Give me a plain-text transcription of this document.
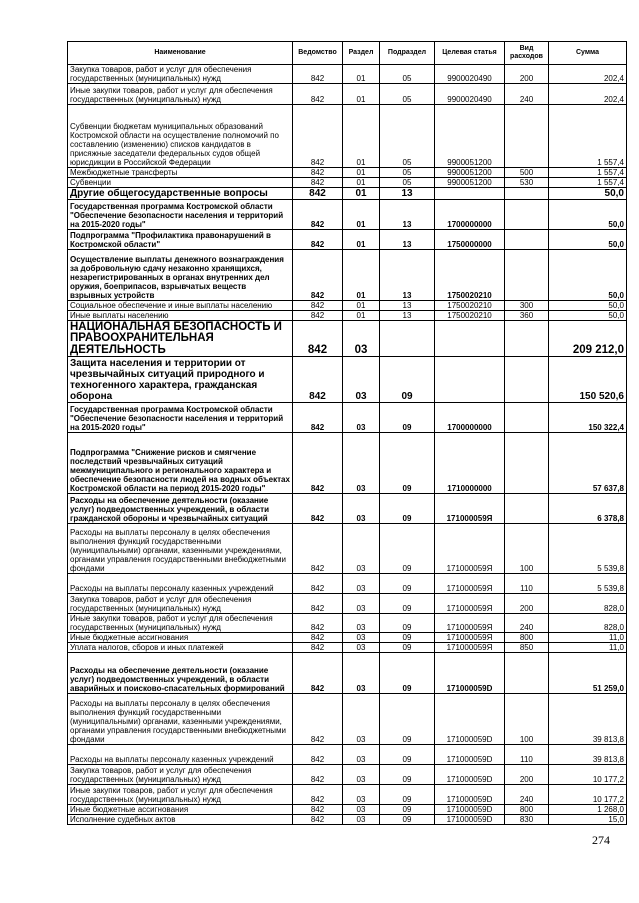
Наименование	Ведомство	Раздел	Подраздел	Целевая статья	Вид расходов	Сумма
Закупка товаров, работ и услуг для обеспечения государственных (муниципальных) нужд	842	01	05	9900020490	200	202,4
Иные закупки товаров, работ и услуг для обеспечения государственных (муниципальных) нужд	842	01	05	9900020490	240	202,4
Субвенции бюджетам муниципальных образований Костромской области на осуществление полномочий по составлению (изменению) списков кандидатов в присяжные заседатели федеральных судов общей юрисдикции в Российской Федерации	842	01	05	9900051200		1 557,4
Межбюджетные трансферты	842	01	05	9900051200	500	1 557,4
Субвенции	842	01	05	9900051200	530	1 557,4
Другие общегосударственные вопросы	842	01	13			50,0
Государственная программа Костромской области "Обеспечение безопасности населения и территорий на 2015-2020 годы"	842	01	13	1700000000		50,0
Подпрограмма "Профилактика правонарушений в Костромской области"	842	01	13	1750000000		50,0
Осуществление выплаты денежного вознаграждения за добровольную сдачу незаконно хранящихся, незарегистрированных в органах внутренних дел оружия, боеприпасов, взрывчатых веществ взрывных устройств	842	01	13	1750020210		50,0
Социальное обеспечение и иные выплаты населению	842	01	13	1750020210	300	50,0
Иные выплаты населению	842	01	13	1750020210	360	50,0
НАЦИОНАЛЬНАЯ БЕЗОПАСНОСТЬ И ПРАВООХРАНИТЕЛЬНАЯ ДЕЯТЕЛЬНОСТЬ	842	03				209 212,0
Защита населения и территории от чрезвычайных ситуаций природного и техногенного характера, гражданская оборона	842	03	09			150 520,6
Государственная программа Костромской области "Обеспечение безопасности населения и территорий на 2015-2020 годы"	842	03	09	1700000000		150 322,4
Подпрограмма "Снижение рисков и смягчение последствий чрезвычайных ситуаций межмуниципального и регионального характера и обеспечение безопасности людей на водных объектах Костромской области на период 2015-2020 годы"	842	03	09	1710000000		57 637,8
Расходы на обеспечение деятельности (оказание услуг) подведомственных учреждений, в области гражданской обороны и чрезвычайных ситуаций	842	03	09	171000059Я		6 378,8
Расходы на выплаты персоналу в целях обеспечения выполнения функций государственными (муниципальными) органами, казенными учреждениями, органами управления государственными внебюджетными фондами	842	03	09	171000059Я	100	5 539,8
Расходы на выплаты персоналу казенных учреждений	842	03	09	171000059Я	110	5 539,8
Закупка товаров, работ и услуг для обеспечения государственных (муниципальных) нужд	842	03	09	171000059Я	200	828,0
Иные закупки товаров, работ и услуг для обеспечения государственных (муниципальных) нужд	842	03	09	171000059Я	240	828,0
Иные бюджетные ассигнования	842	03	09	171000059Я	800	11,0
Уплата налогов, сборов и иных платежей	842	03	09	171000059Я	850	11,0
Расходы на обеспечение деятельности (оказание услуг) подведомственных учреждений, в области аварийных и поисково-спасательных формирований	842	03	09	171000059D		51 259,0
Расходы на выплаты персоналу в целях обеспечения выполнения функций государственными (муниципальными) органами, казенными учреждениями, органами управления государственными внебюджетными фондами	842	03	09	171000059D	100	39 813,8
Расходы на выплаты персоналу казенных учреждений	842	03	09	171000059D	110	39 813,8
Закупка товаров, работ и услуг для обеспечения государственных (муниципальных) нужд	842	03	09	171000059D	200	10 177,2
Иные закупки товаров, работ и услуг для обеспечения государственных (муниципальных) нужд	842	03	09	171000059D	240	10 177,2
Иные бюджетные ассигнования	842	03	09	171000059D	800	1 268,0
Исполнение судебных актов	842	03	09	171000059D	830	15,0
274
